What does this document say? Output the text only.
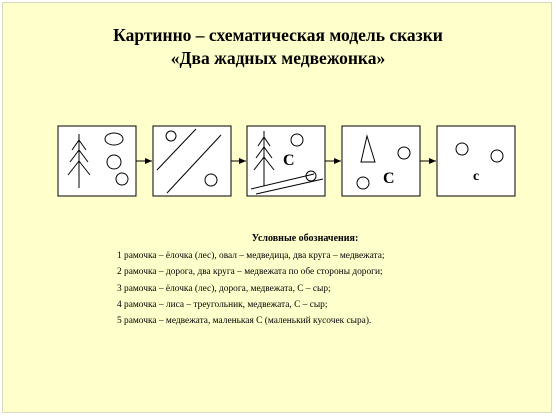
Картинно – схематическая модель сказки
«Два жадных медвежонка»
С
С	с
Условные обозначения:
1 рамочка – ёлочка (лес), овал – медведица, два круга – медвежата;
2 рамочка – дорога, два круга – медвежата по обе стороны дороги;
3 рамочка – ёлочка (лес), дорога, медвежата, С – сыр;
4 рамочка – лиса – треугольник, медвежата, С – сыр;
5 рамочка – медвежата, маленькая С (маленький кусочек сыра).
